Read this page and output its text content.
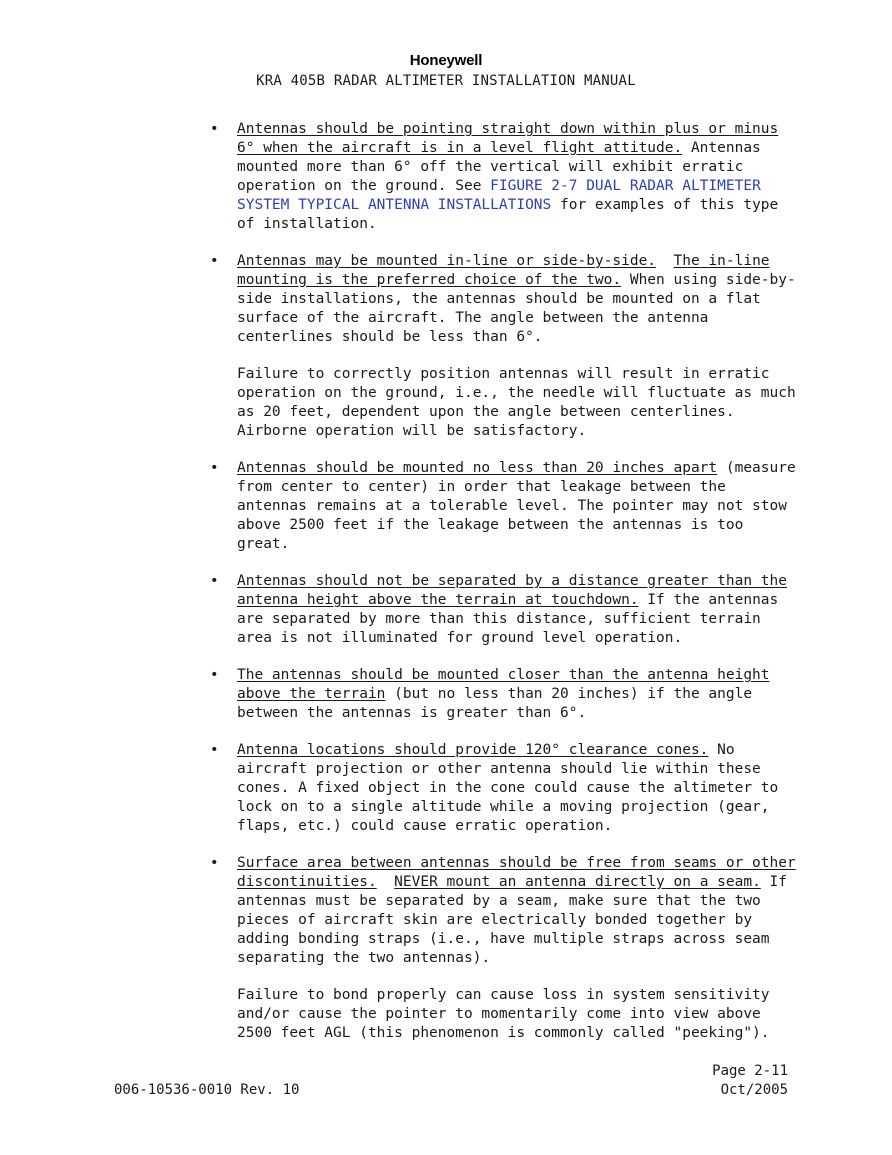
Honeywell
KRA 405B RADAR ALTIMETER INSTALLATION MANUAL
• Antennas should be pointing straight down within plus or minus 6° when the aircraft is in a level flight attitude. Antennas mounted more than 6° off the vertical will exhibit erratic operation on the ground. See FIGURE 2-7 DUAL RADAR ALTIMETER SYSTEM TYPICAL ANTENNA INSTALLATIONS for examples of this type of installation.
• Antennas may be mounted in-line or side-by-side. The in-line mounting is the preferred choice of the two. When using side-by-side installations, the antennas should be mounted on a flat surface of the aircraft. The angle between the antenna centerlines should be less than 6°.
Failure to correctly position antennas will result in erratic operation on the ground, i.e., the needle will fluctuate as much as 20 feet, dependent upon the angle between centerlines. Airborne operation will be satisfactory.
• Antennas should be mounted no less than 20 inches apart (measure from center to center) in order that leakage between the antennas remains at a tolerable level. The pointer may not stow above 2500 feet if the leakage between the antennas is too great.
• Antennas should not be separated by a distance greater than the antenna height above the terrain at touchdown. If the antennas are separated by more than this distance, sufficient terrain area is not illuminated for ground level operation.
• The antennas should be mounted closer than the antenna height above the terrain (but no less than 20 inches) if the angle between the antennas is greater than 6°.
• Antenna locations should provide 120° clearance cones. No aircraft projection or other antenna should lie within these cones. A fixed object in the cone could cause the altimeter to lock on to a single altitude while a moving projection (gear, flaps, etc.) could cause erratic operation.
• Surface area between antennas should be free from seams or other discontinuities. NEVER mount an antenna directly on a seam. If antennas must be separated by a seam, make sure that the two pieces of aircraft skin are electrically bonded together by adding bonding straps (i.e., have multiple straps across seam separating the two antennas).
Failure to bond properly can cause loss in system sensitivity and/or cause the pointer to momentarily come into view above 2500 feet AGL (this phenomenon is commonly called "peeking").
Page 2-11
Oct/2005
006-10536-0010 Rev. 10
